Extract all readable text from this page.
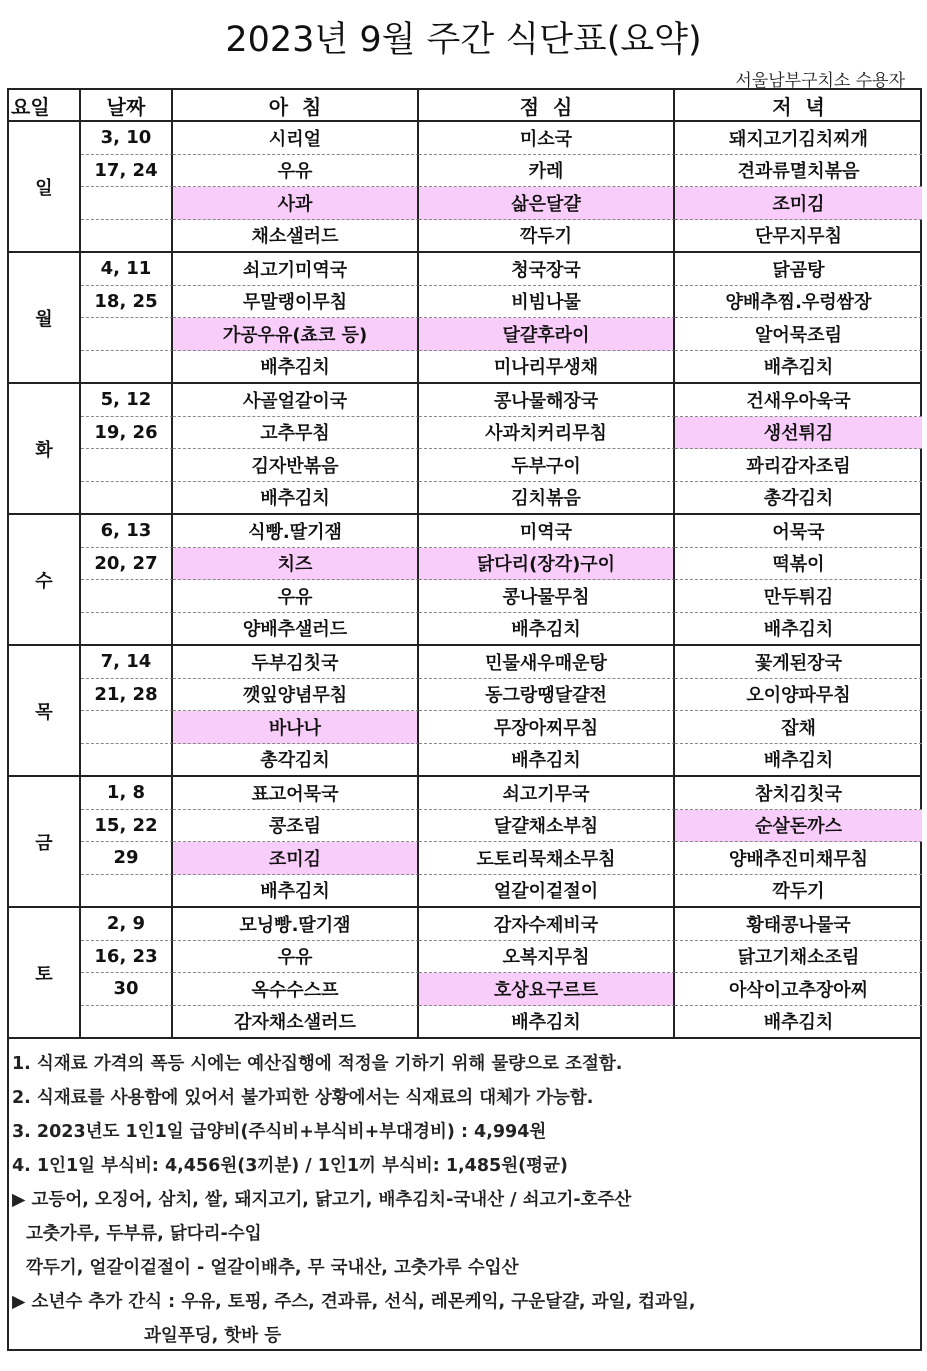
2023년 9월 주간 식단표(요약)
서울남부구치소 수용자
요일	날짜	아  침	점  심	저  녁
일	3, 10	시리얼	미소국	돼지고기김치찌개
	17, 24	우유	카레	견과류멸치볶음
		사과	삶은달걀	조미김
		채소샐러드	깍두기	단무지무침
월	4, 11	쇠고기미역국	청국장국	닭곰탕
	18, 25	무말랭이무침	비빔나물	양배추찜.우렁쌈장
		가공우유(쵸코 등)	달걀후라이	알어묵조림
		배추김치	미나리무생채	배추김치
화	5, 12	사골얼갈이국	콩나물해장국	건새우아욱국
	19, 26	고추무침	사과치커리무침	생선튀김
		김자반볶음	두부구이	꽈리감자조림
		배추김치	김치볶음	총각김치
수	6, 13	식빵.딸기잼	미역국	어묵국
	20, 27	치즈	닭다리(장각)구이	떡볶이
		우유	콩나물무침	만두튀김
		양배추샐러드	배추김치	배추김치
목	7, 14	두부김칫국	민물새우매운탕	꽃게된장국
	21, 28	깻잎양념무침	동그랑땡달걀전	오이양파무침
		바나나	무장아찌무침	잡채
		총각김치	배추김치	배추김치
금	1, 8	표고어묵국	쇠고기무국	참치김칫국
	15, 22	콩조림	달걀채소부침	순살돈까스
	29	조미김	도토리묵채소무침	양배추진미채무침
		배추김치	얼갈이겉절이	깍두기
토	2, 9	모닝빵.딸기잼	감자수제비국	황태콩나물국
	16, 23	우유	오복지무침	닭고기채소조림
	30	옥수수스프	호상요구르트	아삭이고추장아찌
		감자채소샐러드	배추김치	배추김치
1. 식재료 가격의 폭등 시에는 예산집행에 적정을 기하기 위해 물량으로 조절함.
2. 식재료를 사용함에 있어서 불가피한 상황에서는 식재료의 대체가 가능함.
3. 2023년도 1인1일 급양비(주식비+부식비+부대경비) : 4,994원
4. 1인1일 부식비: 4,456원(3끼분) / 1인1끼 부식비: 1,485원(평균)
▶ 고등어, 오징어, 삼치, 쌀, 돼지고기, 닭고기, 배추김치-국내산 / 쇠고기-호주산
고춧가루, 두부류, 닭다리-수입
깍두기, 얼갈이겉절이 - 얼갈이배추, 무 국내산, 고춧가루 수입산
▶ 소년수 추가 간식 : 우유, 토핑, 주스, 견과류, 선식, 레몬케익, 구운달걀, 과일, 컵과일,
과일푸딩, 핫바 등
